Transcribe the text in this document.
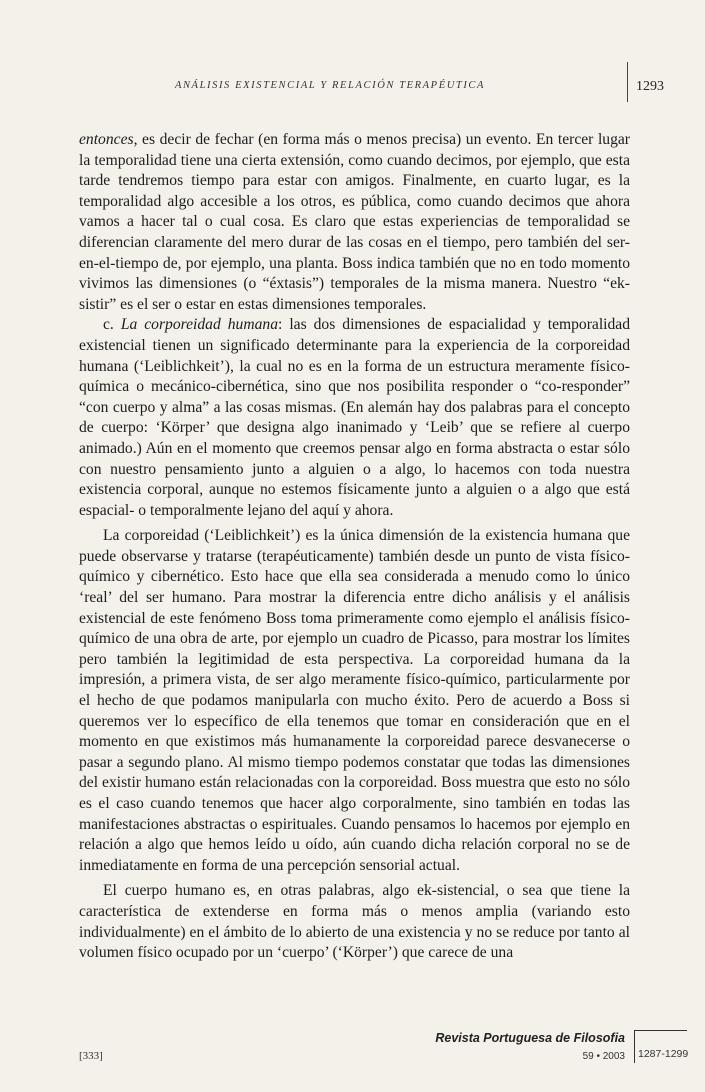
ANÁLISIS EXISTENCIAL Y RELACIÓN TERAPÉUTICA	1293

entonces, es decir de fechar (en forma más o menos precisa) un evento. En tercer lugar la temporalidad tiene una cierta extensión, como cuando decimos, por ejemplo, que esta tarde tendremos tiempo para estar con amigos. Finalmente, en cuarto lugar, es la temporalidad algo accesible a los otros, es pública, como cuando decimos que ahora vamos a hacer tal o cual cosa. Es claro que estas experiencias de temporalidad se diferencian claramente del mero durar de las cosas en el tiempo, pero también del ser-en-el-tiempo de, por ejemplo, una planta. Boss indica también que no en todo momento vivimos las dimensiones (o “éxtasis”) temporales de la misma manera. Nuestro “ek-sistir” es el ser o estar en estas dimensiones temporales.

c. La corporeidad humana: las dos dimensiones de espacialidad y temporalidad existencial tienen un significado determinante para la experiencia de la corporeidad humana (‘Leiblichkeit’), la cual no es en la forma de un estructura meramente físico-química o mecánico-cibernética, sino que nos posibilita responder o “co-responder” “con cuerpo y alma” a las cosas mismas. (En alemán hay dos palabras para el concepto de cuerpo: ‘Körper’ que designa algo inanimado y ‘Leib’ que se refiere al cuerpo animado.) Aún en el momento que creemos pensar algo en forma abstracta o estar sólo con nuestro pensamiento junto a alguien o a algo, lo hacemos con toda nuestra existencia corporal, aunque no estemos físicamente junto a alguien o a algo que está espacial- o temporalmente lejano del aquí y ahora.

La corporeidad (‘Leiblichkeit’) es la única dimensión de la existencia humana que puede observarse y tratarse (terapéuticamente) también desde un punto de vista físico-químico y cibernético. Esto hace que ella sea considerada a menudo como lo único ‘real’ del ser humano. Para mostrar la diferencia entre dicho análisis y el análisis existencial de este fenómeno Boss toma primeramente como ejemplo el análisis físico-químico de una obra de arte, por ejemplo un cuadro de Picasso, para mostrar los límites pero también la legitimidad de esta perspectiva. La corporeidad humana da la impresión, a primera vista, de ser algo meramente físico-químico, particularmente por el hecho de que podamos manipularla con mucho éxito. Pero de acuerdo a Boss si queremos ver lo específico de ella tenemos que tomar en consideración que en el momento en que existimos más humanamente la corporeidad parece desvanecerse o pasar a segundo plano. Al mismo tiempo podemos constatar que todas las dimensiones del existir humano están relacionadas con la corporeidad. Boss muestra que esto no sólo es el caso cuando tenemos que hacer algo corporalmente, sino también en todas las manifestaciones abstractas o espirituales. Cuando pensamos lo hacemos por ejemplo en relación a algo que hemos leído u oído, aún cuando dicha relación corporal no se de inmediatamente en forma de una percepción sensorial actual.

El cuerpo humano es, en otras palabras, algo ek-sistencial, o sea que tiene la característica de extenderse en forma más o menos amplia (variando esto individualmente) en el ámbito de lo abierto de una existencia y no se reduce por tanto al volumen físico ocupado por un ‘cuerpo’ (‘Körper’) que carece de una

Revista Portuguesa de Filosofia
59 • 2003 1287-1299
[333]
